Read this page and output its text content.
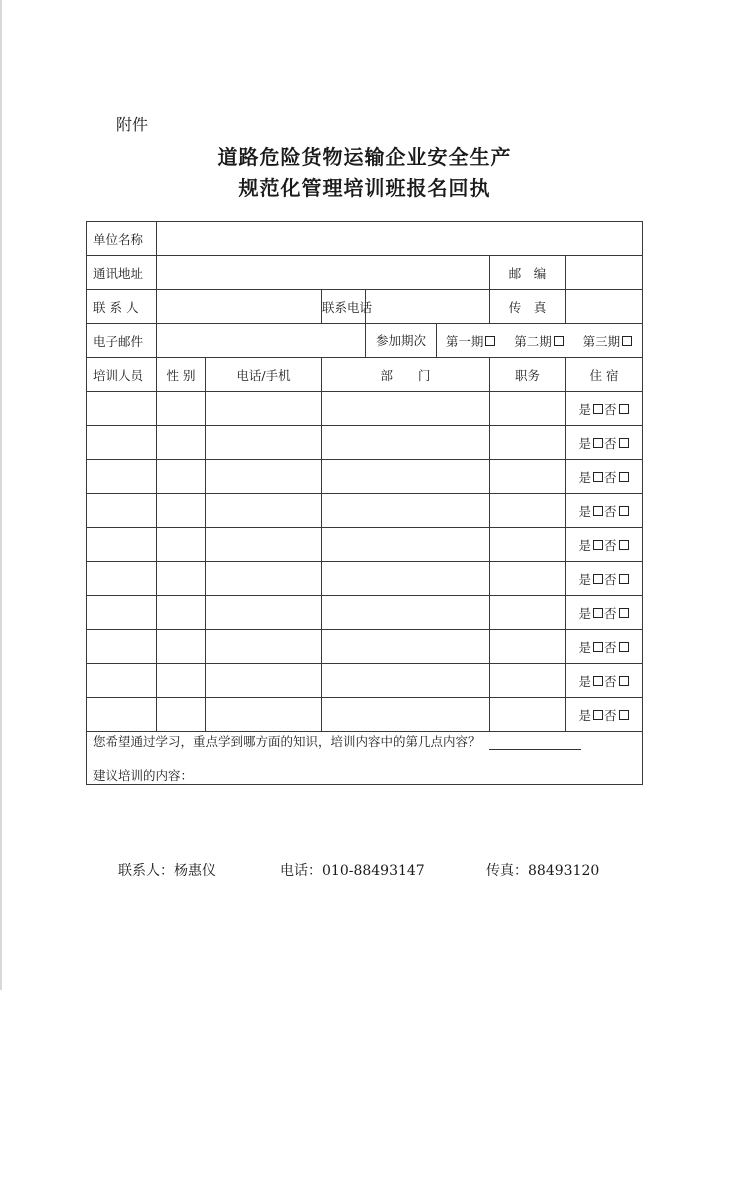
附件
道路危险货物运输企业安全生产
规范化管理培训班报名回执
单位名称						
通讯地址					邮　编	
联 系 人			联系电话		传　真	
电子邮件				参加期次 第一期 第二期 第三期		

培训人员	性 别	电话/手机	部　　门		职务	住 宿
						是 否
						是 否
						是 否
						是 否
						是 否
						是 否
						是 否
						是 否
						是 否
						是 否

您希望通过学习，重点学到哪方面的知识，培训内容中的第几点内容？
建议培训的内容：						
联系人：杨惠仪	电话：010-88493147	传真：88493120
